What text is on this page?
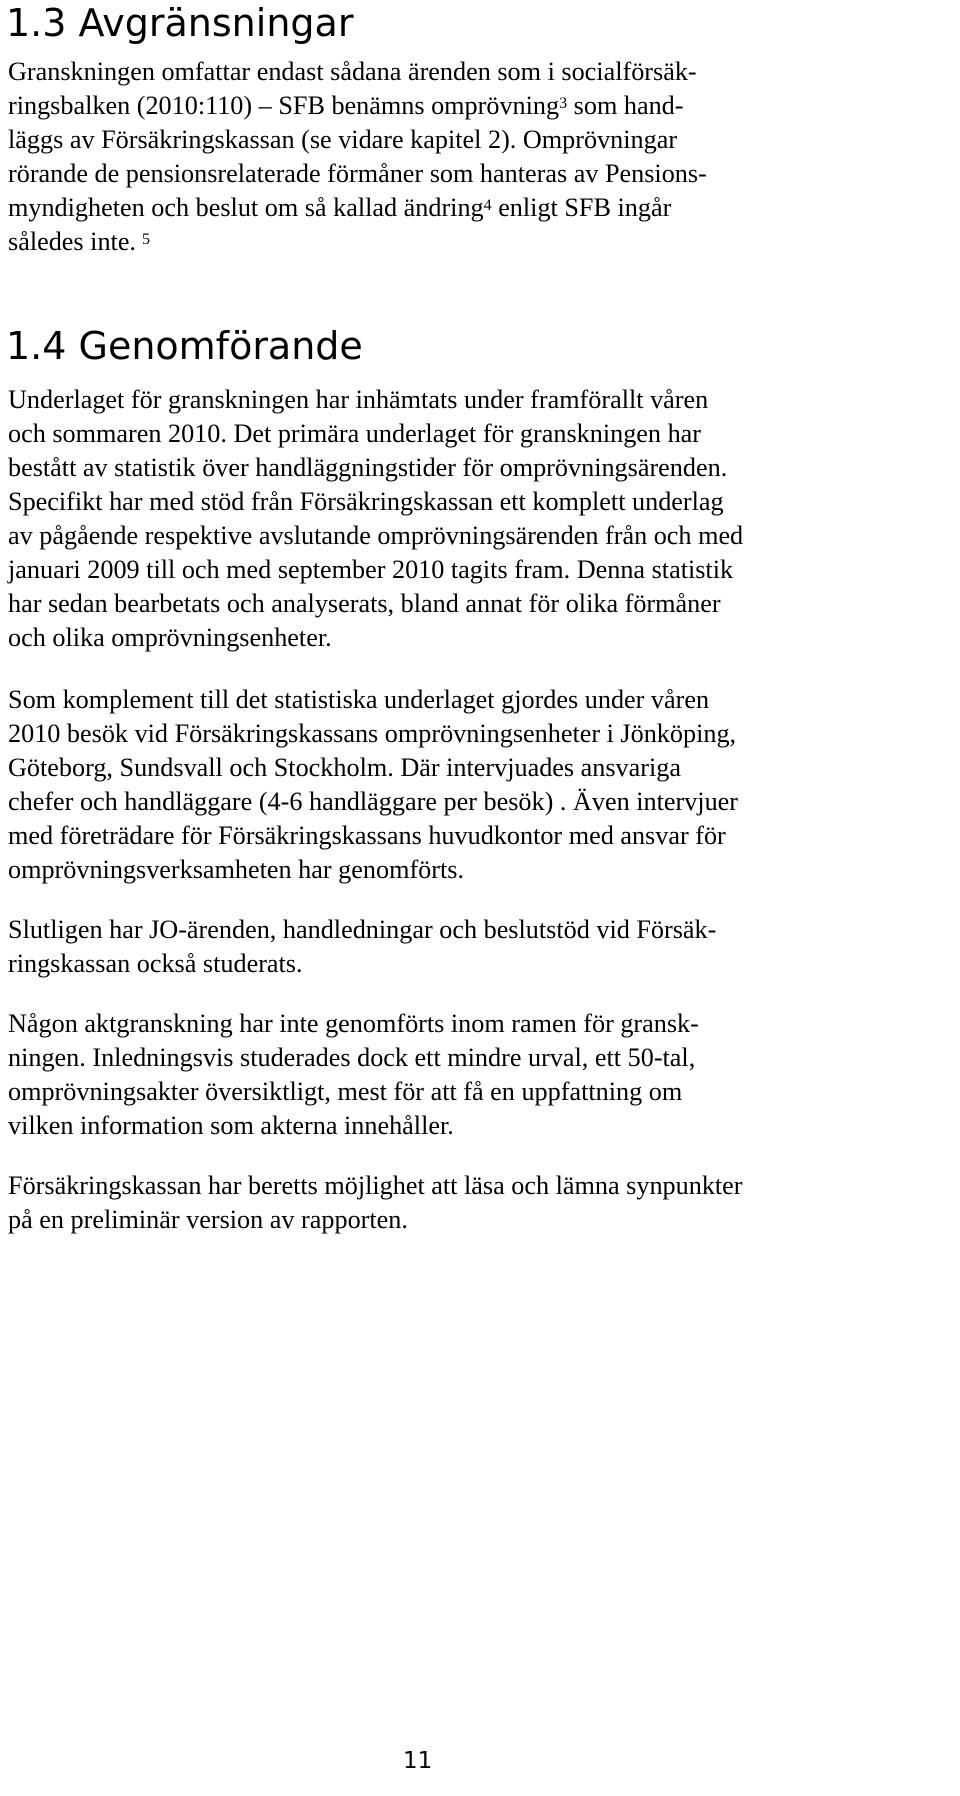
1.3 Avgränsningar

Granskningen omfattar endast sådana ärenden som i socialförsäk-

ringsbalken (2010:110) – SFB benämns omprövning$^3$ som hand-

läggs av Försäkringskassan (se vidare kapitel 2). Omprövningar

rörande de pensionsrelaterade förmåner som hanteras av Pensions-

myndigheten och beslut om så kallad ändring$^4$ enligt SFB ingår

således inte. $^5$

1.4 Genomförande

Underlaget för granskningen har inhämtats under framförallt våren

och sommaren 2010. Det primära underlaget för granskningen har

bestått av statistik över handläggningstider för omprövningsärenden.

Specifikt har med stöd från Försäkringskassan ett komplett underlag

av pågående respektive avslutande omprövningsärenden från och med

januari 2009 till och med september 2010 tagits fram. Denna statistik

har sedan bearbetats och analyserats, bland annat för olika förmåner

och olika omprövningsenheter.

Som komplement till det statistiska underlaget gjordes under våren

2010 besök vid Försäkringskassans omprövningsenheter i Jönköping,

Göteborg, Sundsvall och Stockholm. Där intervjuades ansvariga

chefer och handläggare (4-6 handläggare per besök) . Även intervjuer

med företrädare för Försäkringskassans huvudkontor med ansvar för

omprövningsverksamheten har genomförts.

Slutligen har JO-ärenden, handledningar och beslutstöd vid Försäk-

ringskassan också studerats.

Någon aktgranskning har inte genomförts inom ramen för gransk-

ningen. Inledningsvis studerades dock ett mindre urval, ett 50-tal,

omprövningsakter översiktligt, mest för att få en uppfattning om

vilken information som akterna innehåller.

Försäkringskassan har beretts möjlighet att läsa och lämna synpunkter

på en preliminär version av rapporten.

11
